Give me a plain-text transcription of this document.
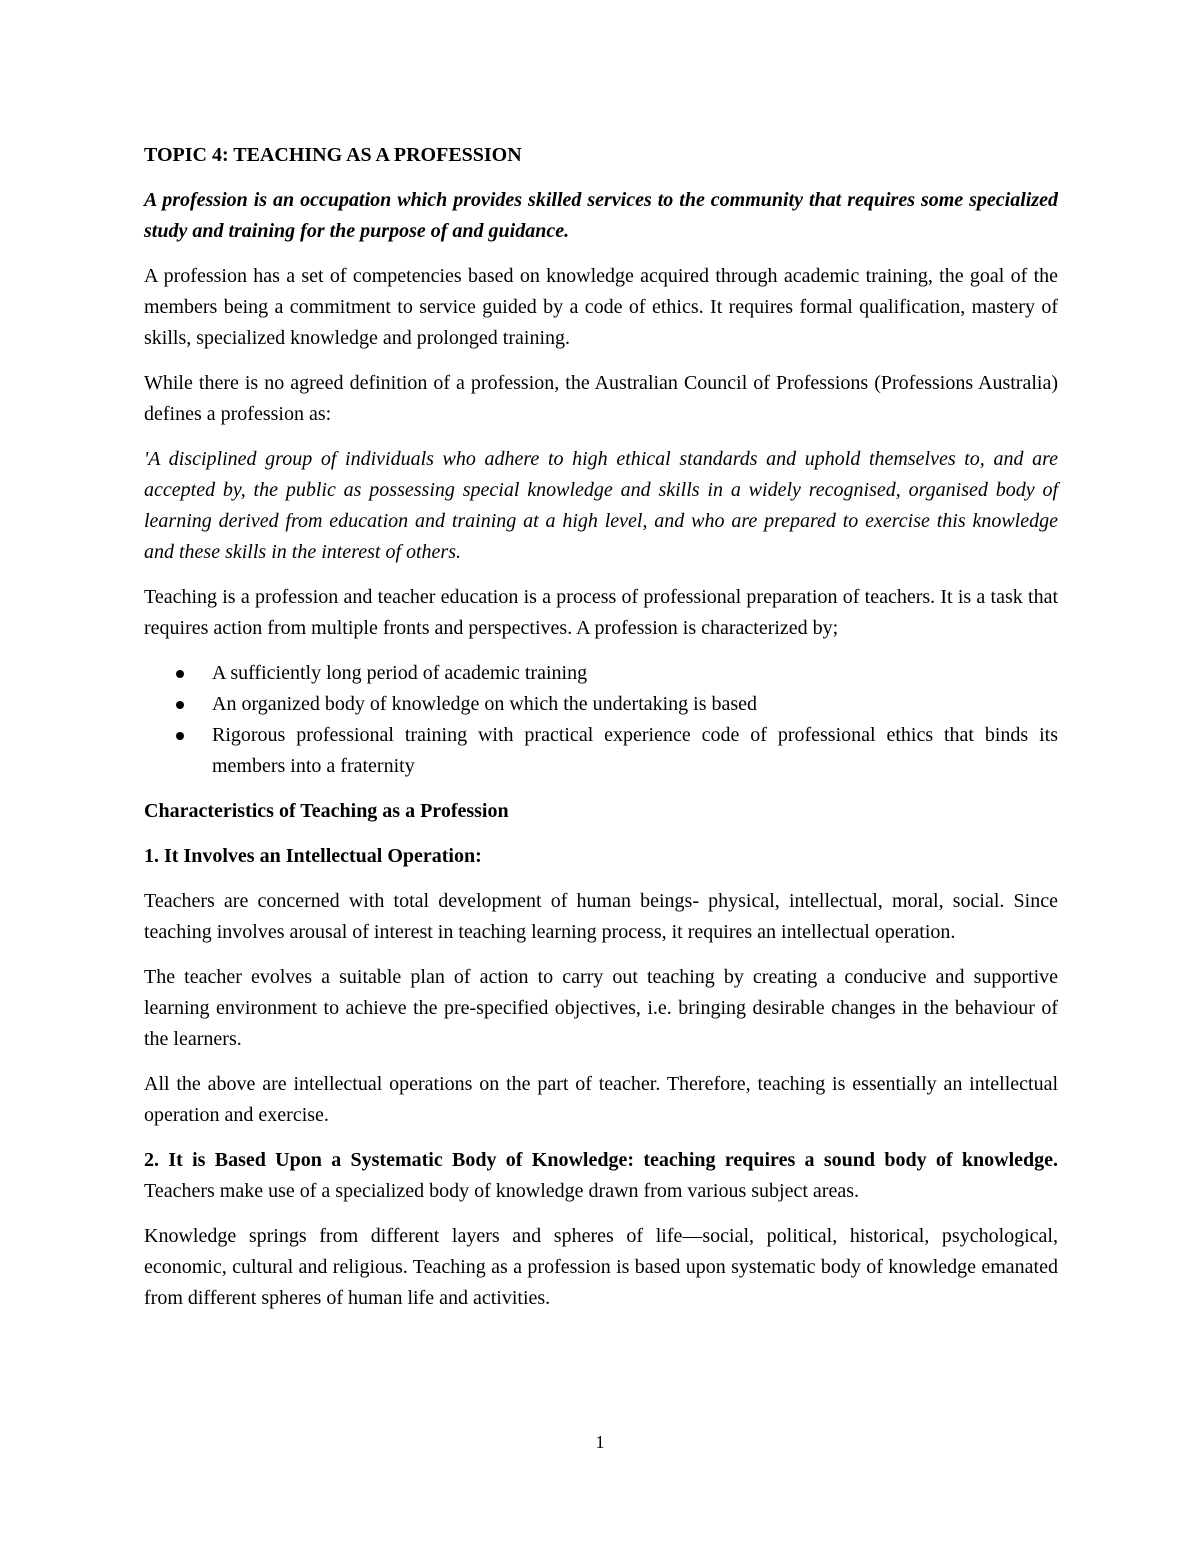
TOPIC 4: TEACHING AS A PROFESSION

A profession is an occupation which provides skilled services to the community that requires some specialized study and training for the purpose of and guidance.

A profession has a set of competencies based on knowledge acquired through academic training, the goal of the members being a commitment to service guided by a code of ethics. It requires formal qualification, mastery of skills, specialized knowledge and prolonged training.

While there is no agreed definition of a profession, the Australian Council of Professions (Professions Australia) defines a profession as:

'A disciplined group of individuals who adhere to high ethical standards and uphold themselves to, and are accepted by, the public as possessing special knowledge and skills in a widely recognised, organised body of learning derived from education and training at a high level, and who are prepared to exercise this knowledge and these skills in the interest of others.

Teaching is a profession and teacher education is a process of professional preparation of teachers. It is a task that requires action from multiple fronts and perspectives. A profession is characterized by;

A sufficiently long period of academic training
An organized body of knowledge on which the undertaking is based
Rigorous professional training with practical experience code of professional ethics that binds its members into a fraternity

Characteristics of Teaching as a Profession

1. It Involves an Intellectual Operation:

Teachers are concerned with total development of human beings- physical, intellectual, moral, social. Since teaching involves arousal of interest in teaching learning process, it requires an intellectual operation.

The teacher evolves a suitable plan of action to carry out teaching by creating a conducive and supportive learning environment to achieve the pre-specified objectives, i.e. bringing desirable changes in the behaviour of the learners.

All the above are intellectual operations on the part of teacher. Therefore, teaching is essentially an intellectual operation and exercise.

2. It is Based Upon a Systematic Body of Knowledge: teaching requires a sound body of knowledge. Teachers make use of a specialized body of knowledge drawn from various subject areas.

Knowledge springs from different layers and spheres of life—social, political, historical, psychological, economic, cultural and religious. Teaching as a profession is based upon systematic body of knowledge emanated from different spheres of human life and activities.

1
